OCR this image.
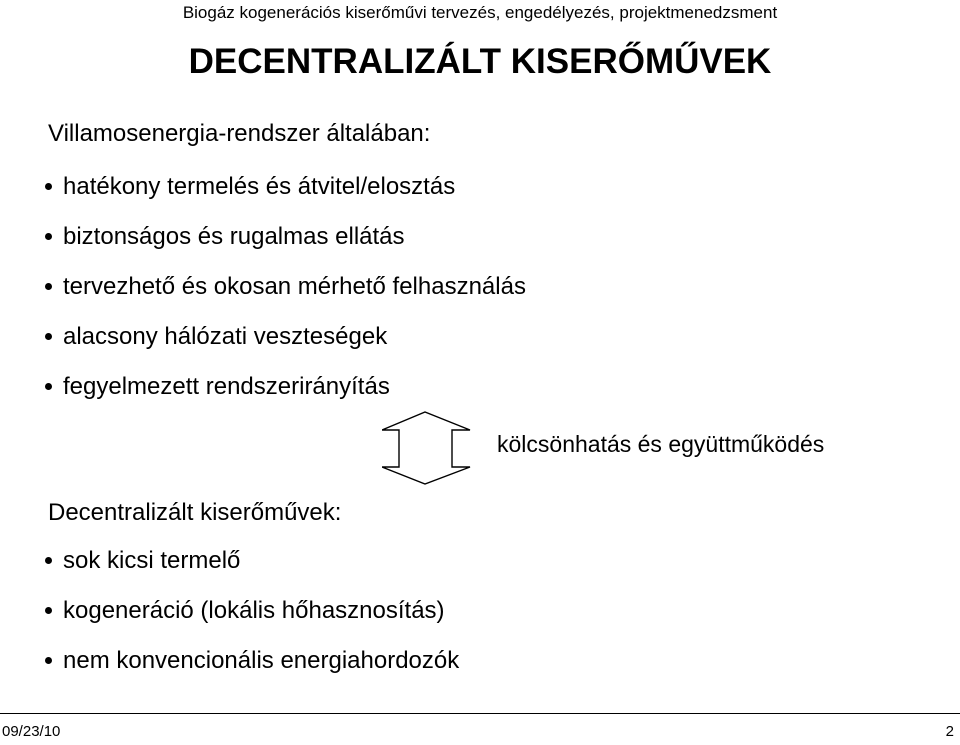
Biogáz kogenerációs kiserőművi tervezés, engedélyezés, projektmenedzsment
DECENTRALIZÁLT KISERŐMŰVEK
Villamosenergia-rendszer általában:
hatékony termelés és átvitel/elosztás
biztonságos és rugalmas ellátás
tervezhető és okosan mérhető felhasználás
alacsony hálózati veszteségek
fegyelmezett rendszerirányítás
kölcsönhatás és együttműködés
Decentralizált kiserőművek:
sok kicsi termelő
kogeneráció (lokális hőhasznosítás)
nem konvencionális energiahordozók
09/23/10	2
